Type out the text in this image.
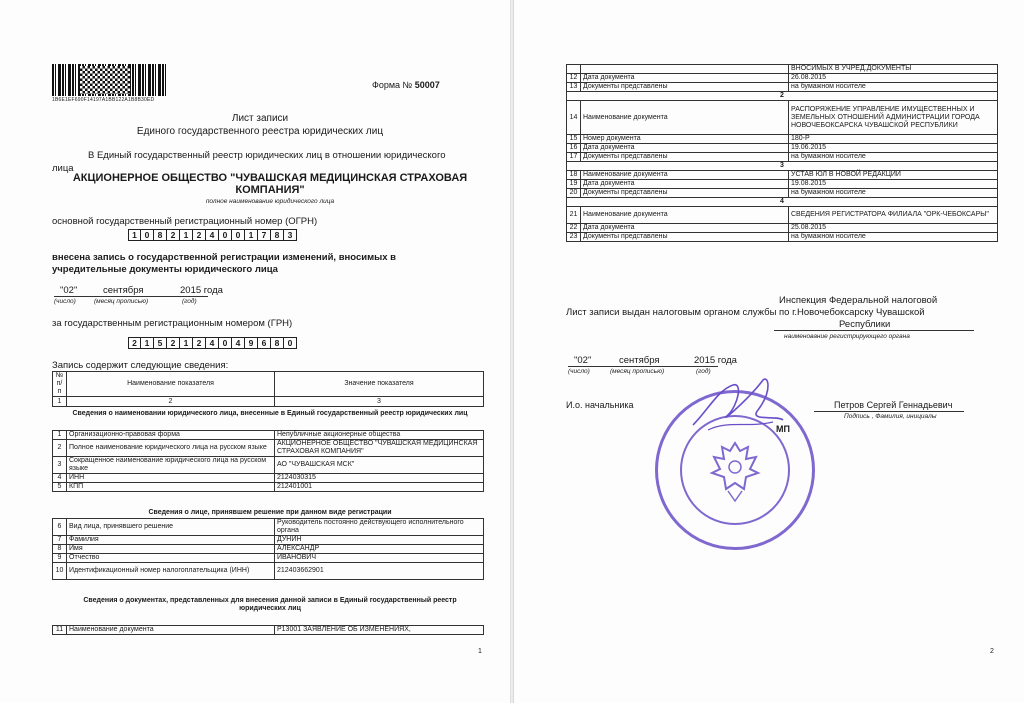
1B6E1EF690F14197A1BB122A1B8B30ED
Форма № 50007
Лист записи
Единого государственного реестра юридических лиц
В Единый государственный реестр юридических лиц в отношении юридического
лица
АКЦИОНЕРНОЕ ОБЩЕСТВО "ЧУВАШСКАЯ МЕДИЦИНСКАЯ СТРАХОВАЯ
КОМПАНИЯ"
полное наименование юридического лица
основной государственный регистрационный номер (ОГРН)
1 0 8 2 1 2 4 0 0 1 7 8 3
внесена запись о государственной регистрации изменений, вносимых в
учредительные документы юридического лица
"02"	сентября	2015 года
(число)	(месяц прописью)	(год)
за государственным регистрационным номером (ГРН)
2 1 5 2 1 2 4 0 4 9 6 8 0
Запись содержит следующие сведения:
№
п/п	Наименование показателя	Значение показателя
1	2	3
Сведения о наименовании юридического лица, внесенные в Единый государственный реестр юридических лиц
1	Организационно-правовая форма	Непубличные акционерные общества
2	Полное наименование юридического лица на русском языке	АКЦИОНЕРНОЕ ОБЩЕСТВО "ЧУВАШСКАЯ МЕДИЦИНСКАЯ СТРАХОВАЯ КОМПАНИЯ"
3	Сокращенное наименование юридического лица на русском языке	АО "ЧУВАШСКАЯ МСК"
4	ИНН	2124030315
5	КПП	212401001
Сведения о лице, принявшем решение при данном виде регистрации
6	Вид лица, принявшего решение	Руководитель постоянно действующего исполнительного органа
7	Фамилия	ДУНИН
8	Имя	АЛЕКСАНДР
9	Отчество	ИВАНОВИЧ
10	Идентификационный номер налогоплательщика (ИНН)	212403662901
Сведения о документах, представленных для внесения данной записи в Единый государственный реестр юридических лиц
11	Наименование документа	Р13001 ЗАЯВЛЕНИЕ ОБ ИЗМЕНЕНИЯХ,
1
		ВНОСИМЫХ В УЧРЕД.ДОКУМЕНТЫ
12	Дата документа	26.08.2015
13	Документы представлены	на бумажном носителе
2		
14	Наименование документа	РАСПОРЯЖЕНИЕ УПРАВЛЕНИЕ ИМУЩЕСТВЕННЫХ И ЗЕМЕЛЬНЫХ ОТНОШЕНИЙ АДМИНИСТРАЦИИ ГОРОДА НОВОЧЕБОКСАРСКА ЧУВАШСКОЙ РЕСПУБЛИКИ
15	Номер документа	180-Р
16	Дата документа	19.06.2015
17	Документы представлены	на бумажном носителе
3		
18	Наименование документа	УСТАВ ЮЛ В НОВОЙ РЕДАКЦИИ
19	Дата документа	19.08.2015
20	Документы представлены	на бумажном носителе
4		
21	Наименование документа	СВЕДЕНИЯ РЕГИСТРАТОРА ФИЛИАЛА "ОРК-ЧЕБОКСАРЫ"
22	Дата документа	25.08.2015
23	Документы представлены	на бумажном носителе
Инспекция Федеральной налоговой
Лист записи выдан налоговым органом службы по г.Новочебоксарску Чувашской
Республики
наименование регистрирующего органа
"02"	сентября	2015 года
(число)	(месяц прописью)	(год)
И.о. начальника	Петров Сергей Геннадьевич
Подпись , Фамилия, инициалы
МП
2
